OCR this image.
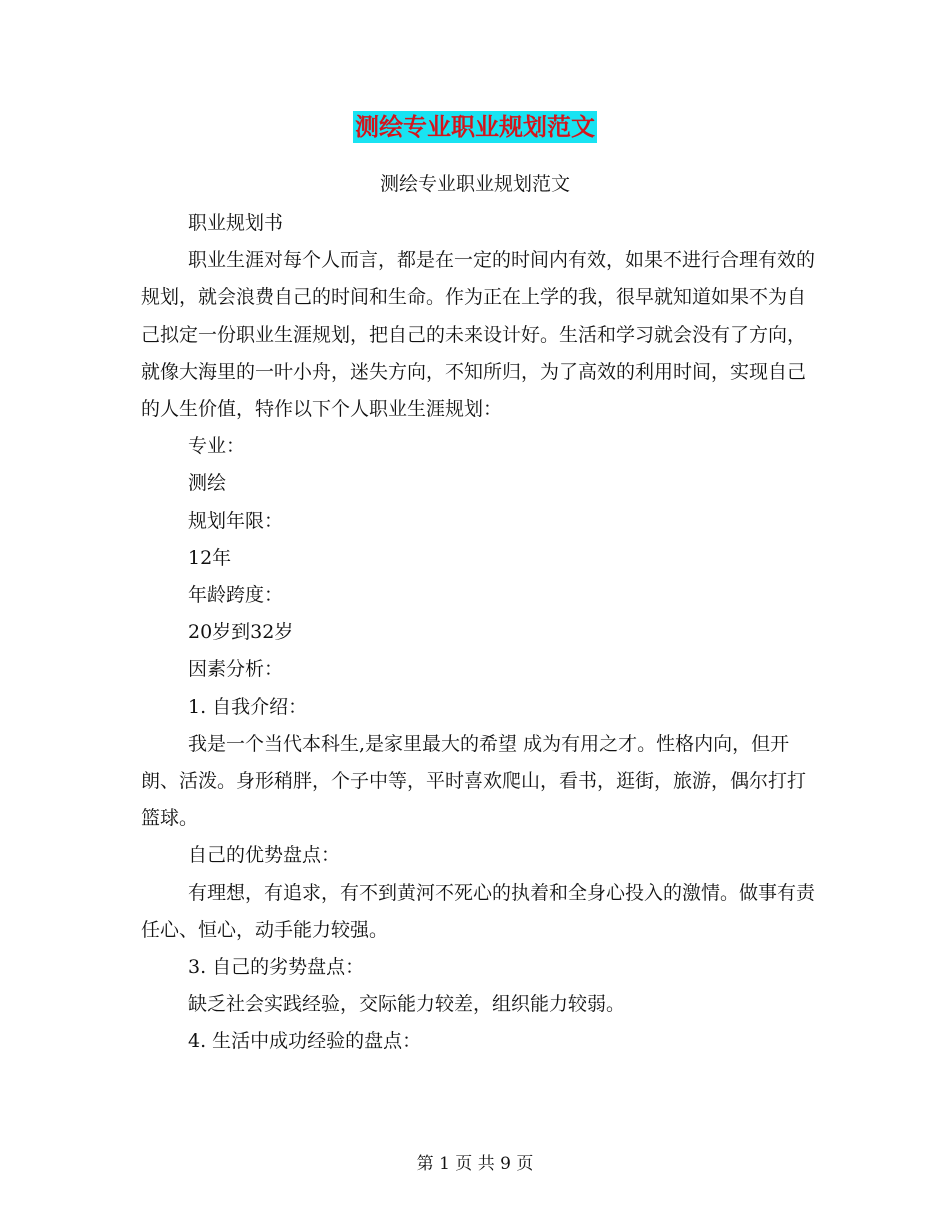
测绘专业职业规划范文
测绘专业职业规划范文

职业规划书

职业生涯对每个人而言，都是在一定的时间内有效，如果不进行合理有效的规划，就会浪费自己的时间和生命。作为正在上学的我，很早就知道如果不为自己拟定一份职业生涯规划，把自己的未来设计好。生活和学习就会没有了方向，就像大海里的一叶小舟，迷失方向，不知所归，为了高效的利用时间，实现自己的人生价值，特作以下个人职业生涯规划：

专业：

测绘

规划年限：

12年

年龄跨度：

20岁到32岁

因素分析：

1. 自我介绍：

我是一个当代本科生,是家里最大的希望 成为有用之才。性格内向，但开朗、活泼。身形稍胖，个子中等，平时喜欢爬山，看书，逛街，旅游，偶尔打打篮球。

自己的优势盘点：

有理想，有追求，有不到黄河不死心的执着和全身心投入的激情。做事有责任心、恒心，动手能力较强。

3. 自己的劣势盘点：

缺乏社会实践经验，交际能力较差，组织能力较弱。

4. 生活中成功经验的盘点：

第 1 页 共 9 页
